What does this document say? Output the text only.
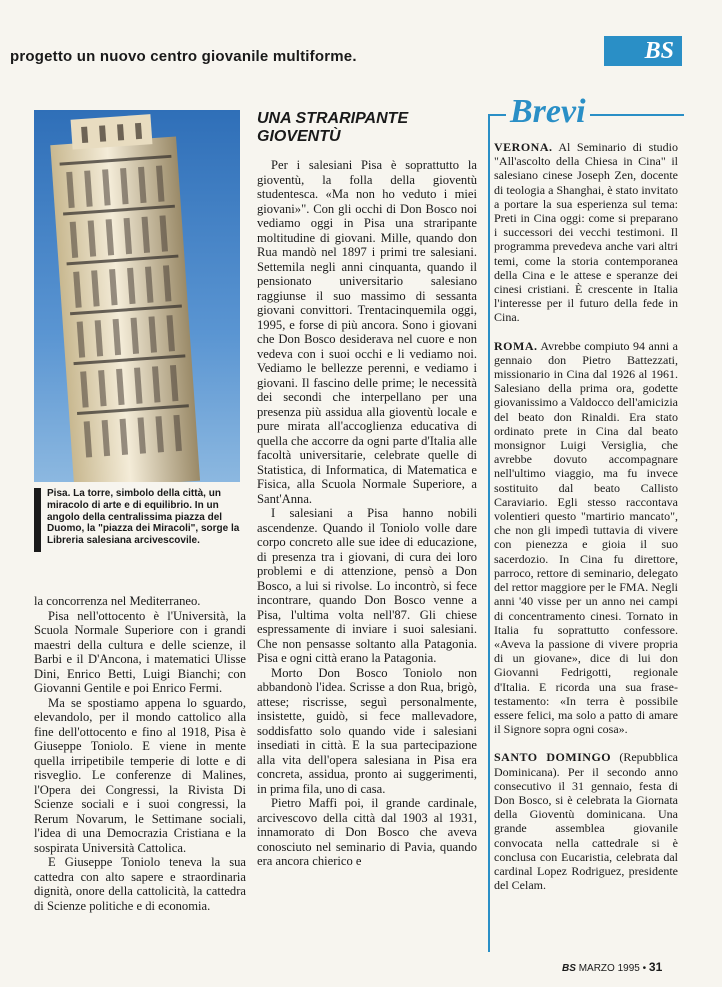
progetto un nuovo centro giovanile multiforme.	BS
Pisa. La torre, simbolo della città, un miracolo di arte e di equilibrio. In un angolo della centralissima piazza del Duomo, la "piazza dei Miracoli", sorge la Libreria salesiana arcivescovile.

la concorrenza nel Mediterraneo.

Pisa nell'ottocento è l'Università, la Scuola Normale Superiore con i grandi maestri della cultura e delle scienze, il Barbi e il D'Ancona, i matematici Ulisse Dini, Enrico Betti, Luigi Bianchi; con Giovanni Gentile e poi Enrico Fermi.

Ma se spostiamo appena lo sguardo, elevandolo, per il mondo cattolico alla fine dell'ottocento e fino al 1918, Pisa è Giuseppe Toniolo. E viene in mente quella irripetibile temperie di lotte e di risveglio. Le conferenze di Malines, l'Opera dei Congressi, la Rivista Di Scienze sociali e i suoi congressi, la Rerum Novarum, le Settimane sociali, l'idea di una Democrazia Cristiana e la sospirata Università Cattolica.

E Giuseppe Toniolo teneva la sua cattedra con alto sapere e straordinaria dignità, onore della cattolicità, la cattedra di Scienze politiche e di economia.

UNA STRARIPANTE
GIOVENTÙ

Per i salesiani Pisa è soprattutto la gioventù, la folla della gioventù studentesca. «Ma non ho veduto i miei giovani»". Con gli occhi di Don Bosco noi vediamo oggi in Pisa una straripante moltitudine di giovani. Mille, quando don Rua mandò nel 1897 i primi tre salesiani. Settemila negli anni cinquanta, quando il pensionato universitario salesiano raggiunse il suo massimo di sessanta giovani convittori. Trentacinquemila oggi, 1995, e forse di più ancora. Sono i giovani che Don Bosco desiderava nel cuore e non vedeva con i suoi occhi e li vediamo noi. Vediamo le bellezze perenni, e vediamo i giovani. Il fascino delle prime; le necessità dei secondi che interpellano per una presenza più assidua alla gioventù locale e pure mirata all'accoglienza educativa di quella che accorre da ogni parte d'Italia alle facoltà universitarie, celebrate quelle di Statistica, di Informatica, di Matematica e Fisica, alla Scuola Normale Superiore, a Sant'Anna.

I salesiani a Pisa hanno nobili ascendenze. Quando il Toniolo volle dare corpo concreto alle sue idee di educazione, di presenza tra i giovani, di cura dei loro problemi e di attenzione, pensò a Don Bosco, a lui si rivolse. Lo incontrò, si fece incontrare, quando Don Bosco venne a Pisa, l'ultima volta nell'87. Gli chiese espressamente di inviare i suoi salesiani. Che non pensasse soltanto alla Patagonia. Pisa e ogni città erano la Patagonia.

Morto Don Bosco Toniolo non abbandonò l'idea. Scrisse a don Rua, brigò, attese; riscrisse, seguì personalmente, insistette, guidò, si fece mallevadore, soddisfatto solo quando vide i salesiani insediati in città. E la sua partecipazione alla vita dell'opera salesiana in Pisa era concreta, assidua, pronto ai suggerimenti, in prima fila, uno di casa.

Pietro Maffi poi, il grande cardinale, arcivescovo della città dal 1903 al 1931, innamorato di Don Bosco che aveva conosciuto nel seminario di Pavia, quando era ancora chierico e

Brevi

VERONA. Al Seminario di studio "All'ascolto della Chiesa in Cina" il salesiano cinese Joseph Zen, docente di teologia a Shanghai, è stato invitato a portare la sua esperienza sul tema: Preti in Cina oggi: come si preparano i successori dei vecchi testimoni. Il programma prevedeva anche vari altri temi, come la storia contemporanea della Cina e le attese e speranze dei cinesi cristiani. È crescente in Italia l'interesse per il futuro della fede in Cina.

ROMA. Avrebbe compiuto 94 anni a gennaio don Pietro Battezzati, missionario in Cina dal 1926 al 1961. Salesiano della prima ora, godette giovanissimo a Valdocco dell'amicizia del beato don Rinaldi. Era stato ordinato prete in Cina dal beato monsignor Luigi Versiglia, che avrebbe dovuto accompagnare nell'ultimo viaggio, ma fu invece sostituito dal beato Callisto Caraviario. Egli stesso raccontava volentieri questo "martirio mancato", che non gli impedì tuttavia di vivere con pienezza e gioia il suo sacerdozio. In Cina fu direttore, parroco, rettore di seminario, delegato del rettor maggiore per le FMA. Negli anni '40 visse per un anno nei campi di concentramento cinesi. Tornato in Italia fu soprattutto confessore. «Aveva la passione di vivere propria di un giovane», dice di lui don Giovanni Fedrigotti, regionale d'Italia. E ricorda una sua frase-testamento: «In terra è possibile essere felici, ma solo a patto di amare il Signore sopra ogni cosa».

SANTO DOMINGO (Repubblica Dominicana). Per il secondo anno consecutivo il 31 gennaio, festa di Don Bosco, si è celebrata la Giornata della Gioventù dominicana. Una grande assemblea giovanile convocata nella cattedrale si è conclusa con Eucaristia, celebrata dal cardinal Lopez Rodriguez, presidente del Celam.

BS MARZO 1995 • 31
